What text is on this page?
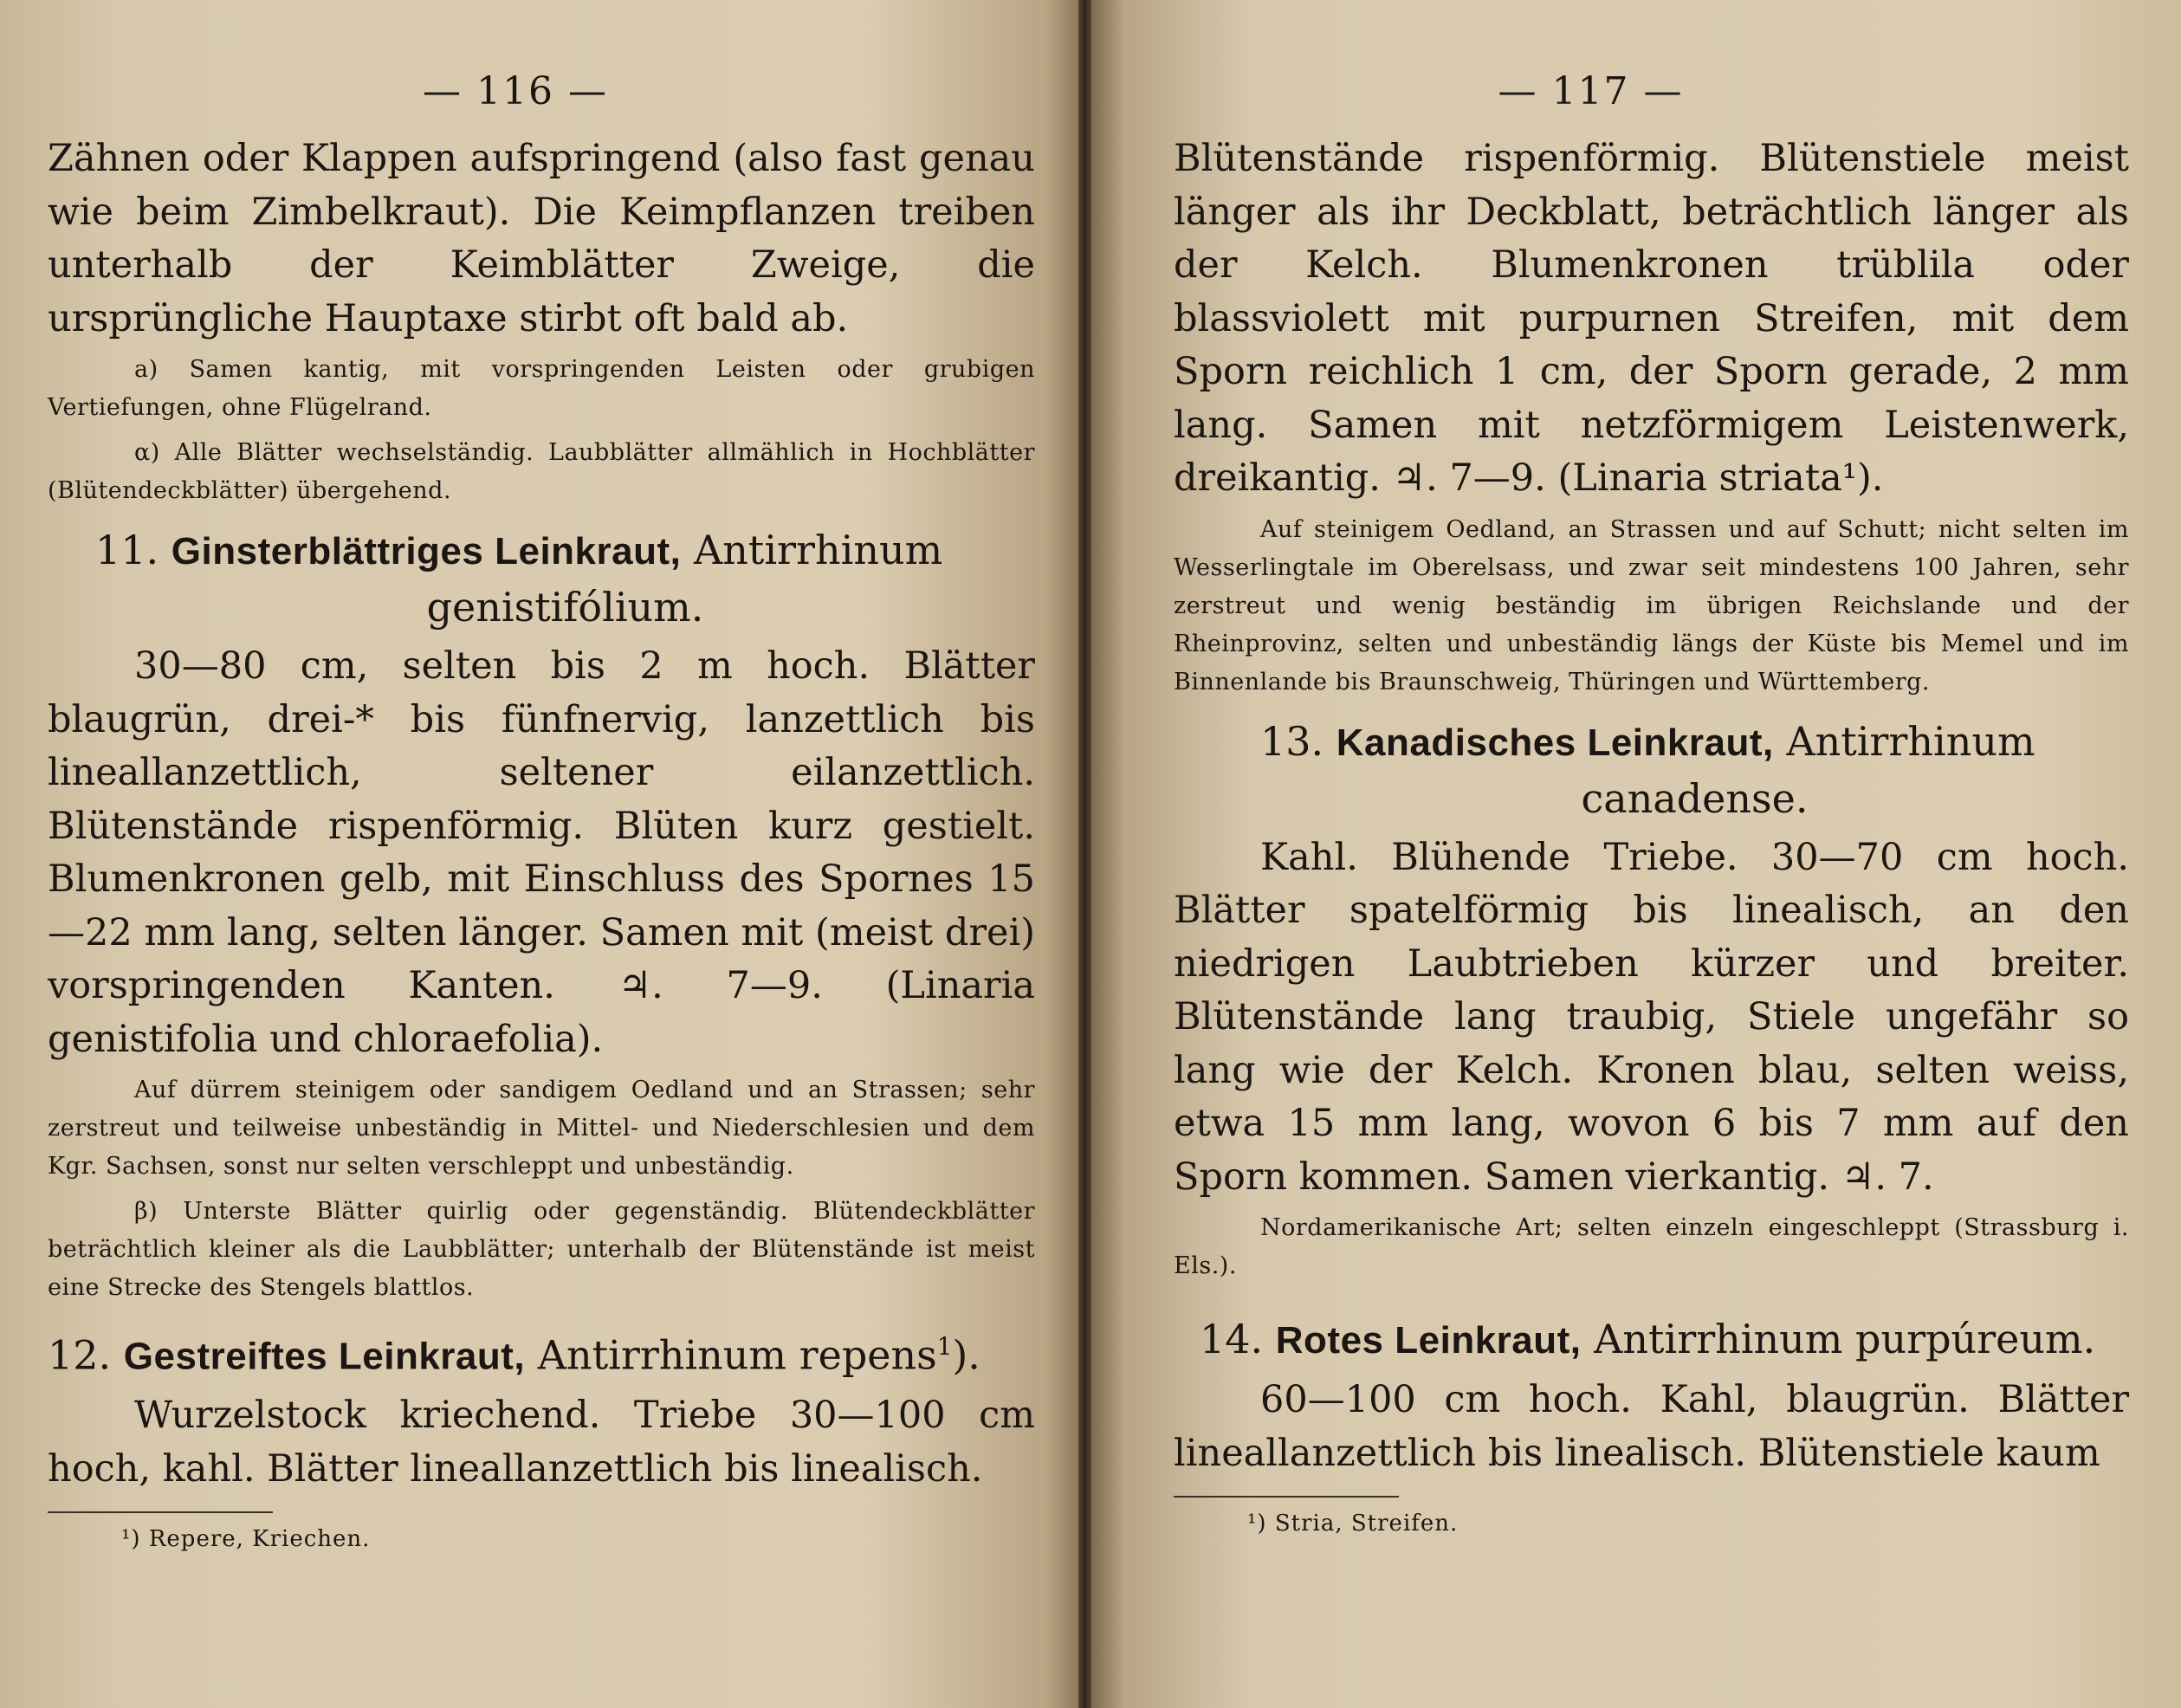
— 116 —

Zähnen oder Klappen aufspringend (also fast genau wie beim Zimbelkraut). Die Keimpflanzen treiben unterhalb der Keimblätter Zweige, die ursprüngliche Hauptaxe stirbt oft bald ab.

a) Samen kantig, mit vorspringenden Leisten oder grubigen Vertiefungen, ohne Flügelrand.

α) Alle Blätter wechselständig. Laubblätter allmählich in Hochblätter (Blütendeckblätter) übergehend.

11. Ginsterblättriges Leinkraut, Antirrhinum
genistifólium.

30—80 cm, selten bis 2 m hoch. Blätter blaugrün, drei-* bis fünfnervig, lanzettlich bis lineallanzettlich, seltener eilanzettlich. Blütenstände rispenförmig. Blüten kurz gestielt. Blumenkronen gelb, mit Einschluss des Spornes 15—22 mm lang, selten länger. Samen mit (meist drei) vorspringenden Kanten. ♃. 7—9. (Linaria genistifolia und chloraefolia).

Auf dürrem steinigem oder sandigem Oedland und an Strassen; sehr zerstreut und teilweise unbeständig in Mittel- und Niederschlesien und dem Kgr. Sachsen, sonst nur selten verschleppt und unbeständig.

β) Unterste Blätter quirlig oder gegenständig. Blütendeckblätter beträchtlich kleiner als die Laubblätter; unterhalb der Blütenstände ist meist eine Strecke des Stengels blattlos.

12. Gestreiftes Leinkraut, Antirrhinum repens$^1$).

Wurzelstock kriechend. Triebe 30—100 cm hoch, kahl. Blätter lineallanzettlich bis linealisch.

¹) Repere, Kriechen.

— 117 —

Blütenstände rispenförmig. Blütenstiele meist länger als ihr Deckblatt, beträchtlich länger als der Kelch. Blumenkronen trüblila oder blassviolett mit purpurnen Streifen, mit dem Sporn reichlich 1 cm, der Sporn gerade, 2 mm lang. Samen mit netzförmigem Leistenwerk, dreikantig. ♃. 7—9. (Linaria striata¹).

Auf steinigem Oedland, an Strassen und auf Schutt; nicht selten im Wesserlingtale im Oberelsass, und zwar seit mindestens 100 Jahren, sehr zerstreut und wenig beständig im übrigen Reichslande und der Rheinprovinz, selten und unbeständig längs der Küste bis Memel und im Binnenlande bis Braunschweig, Thüringen und Württemberg.

13. Kanadisches Leinkraut, Antirrhinum
canadense.

Kahl. Blühende Triebe. 30—70 cm hoch. Blätter spatelförmig bis linealisch, an den niedrigen Laubtrieben kürzer und breiter. Blütenstände lang traubig, Stiele ungefähr so lang wie der Kelch. Kronen blau, selten weiss, etwa 15 mm lang, wovon 6 bis 7 mm auf den Sporn kommen. Samen vierkantig. ♃. 7.

Nordamerikanische Art; selten einzeln eingeschleppt (Strassburg i. Els.).

14. Rotes Leinkraut, Antirrhinum purpúreum.

60—100 cm hoch. Kahl, blaugrün. Blätter lineallanzettlich bis linealisch. Blütenstiele kaum

¹) Stria, Streifen.
